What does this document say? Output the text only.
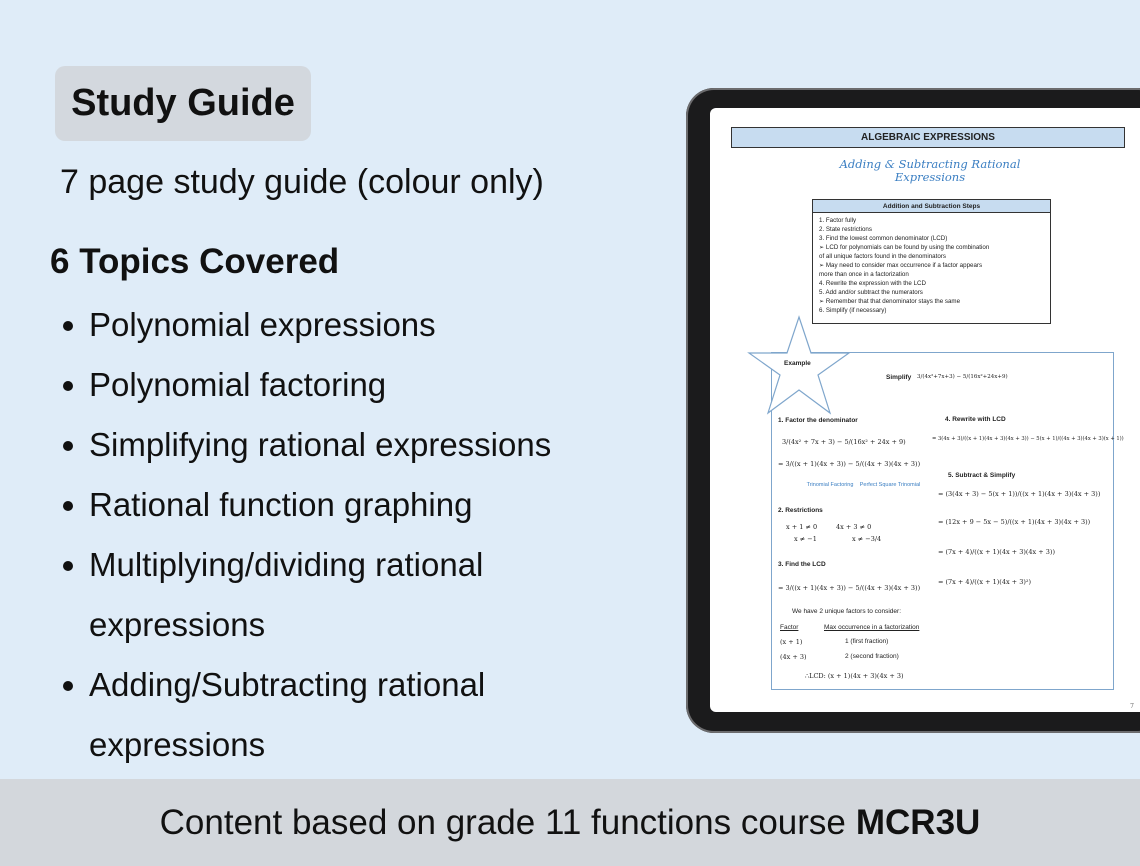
Study Guide
7 page study guide (colour only)
6 Topics Covered
Polynomial expressions
Polynomial factoring
Simplifying rational expressions
Rational function graphing
Multiplying/dividing rational expressions
Adding/Subtracting rational expressions
ALGEBRAIC EXPRESSIONS
Adding & Subtracting Rational
Expressions
Addition and Subtraction Steps
1. Factor fully
2. State restrictions
3. Find the lowest common denominator (LCD)
➢ LCD for polynomials can be found by using the combination
of all unique factors found in the denominators
➢ May need to consider max occurrence if a factor appears
more than once in a factorization
4. Rewrite the expression with the LCD
5. Add and/or subtract the numerators
➢ Remember that that denominator stays the same
6. Simplify (if necessary)
Example
Simplify 3/(4x²+7x+3) − 5/(16x²+24x+9)
1. Factor the denominator
3/(4x² + 7x + 3) − 5/(16x² + 24x + 9)
= 3/((x + 1)(4x + 3)) − 5/((4x + 3)(4x + 3))
Trinomial Factoring	Perfect Square Trinomial
2. Restrictions
x + 1 ≠ 0
x ≠ −1
4x + 3 ≠ 0
x ≠ −3/4
3. Find the LCD
= 3/((x + 1)(4x + 3)) − 5/((4x + 3)(4x + 3))
We have 2 unique factors to consider:
Factor	Max occurrence in a factorization
(x + 1)	1 (first fraction)
(4x + 3)	2 (second fraction)
∴LCD: (x + 1)(4x + 3)(4x + 3)
4. Rewrite with LCD
= 3(4x + 3)/((x + 1)(4x + 3)(4x + 3)) − 5(x + 1)/((4x + 3)(4x + 3)(x + 1))
5. Subtract & Simplify
= (3(4x + 3) − 5(x + 1))/((x + 1)(4x + 3)(4x + 3))
= (12x + 9 − 5x − 5)/((x + 1)(4x + 3)(4x + 3))
= (7x + 4)/((x + 1)(4x + 3)(4x + 3))
= (7x + 4)/((x + 1)(4x + 3)²)
7
Content based on grade 11 functions course MCR3U
